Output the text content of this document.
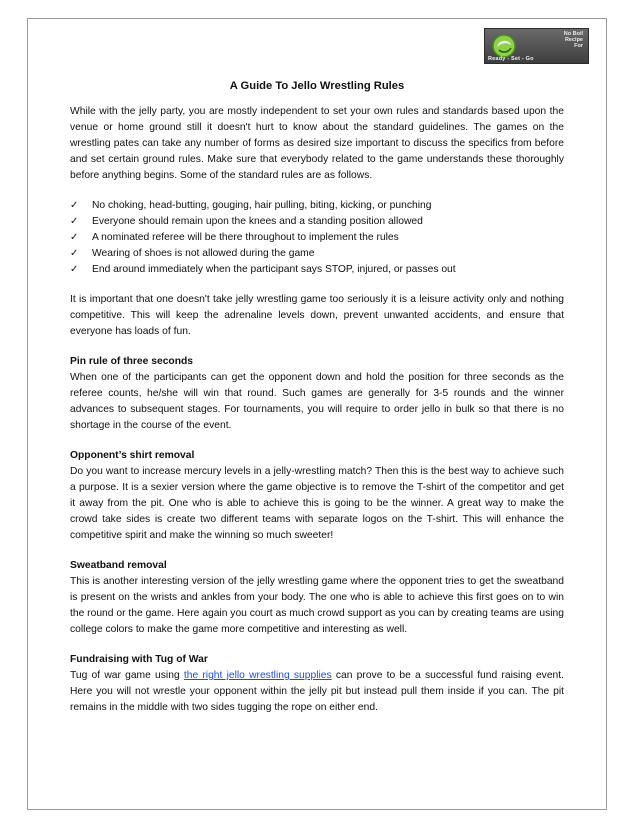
No Boil
Recipe
For
Ready - Set - Go
A Guide To Jello Wrestling Rules

While with the jelly party, you are mostly independent to set your own rules and standards based upon the venue or home ground still it doesn't hurt to know about the standard guidelines. The games on the wrestling pates can take any number of forms as desired size important to discuss the specifics from before and set certain ground rules. Make sure that everybody related to the game understands these thoroughly before anything begins. Some of the standard rules are as follows.

✓ No choking, head-butting, gouging, hair pulling, biting, kicking, or punching
✓ Everyone should remain upon the knees and a standing position allowed
✓ A nominated referee will be there throughout to implement the rules
✓ Wearing of shoes is not allowed during the game
✓ End around immediately when the participant says STOP, injured, or passes out

It is important that one doesn't take jelly wrestling game too seriously it is a leisure activity only and nothing competitive. This will keep the adrenaline levels down, prevent unwanted accidents, and ensure that everyone has loads of fun.

Pin rule of three seconds
When one of the participants can get the opponent down and hold the position for three seconds as the referee counts, he/she will win that round. Such games are generally for 3-5 rounds and the winner advances to subsequent stages. For tournaments, you will require to order jello in bulk so that there is no shortage in the course of the event.

Opponent’s shirt removal
Do you want to increase mercury levels in a jelly-wrestling match? Then this is the best way to achieve such a purpose. It is a sexier version where the game objective is to remove the T-shirt of the competitor and get it away from the pit. One who is able to achieve this is going to be the winner. A great way to make the crowd take sides is create two different teams with separate logos on the T-shirt. This will enhance the competitive spirit and make the winning so much sweeter!

Sweatband removal
This is another interesting version of the jelly wrestling game where the opponent tries to get the sweatband is present on the wrists and ankles from your body. The one who is able to achieve this first goes on to win the round or the game. Here again you court as much crowd support as you can by creating teams are using college colors to make the game more competitive and interesting as well.

Fundraising with Tug of War
Tug of war game using the right jello wrestling supplies can prove to be a successful fund raising event. Here you will not wrestle your opponent within the jelly pit but instead pull them inside if you can. The pit remains in the middle with two sides tugging the rope on either end.
